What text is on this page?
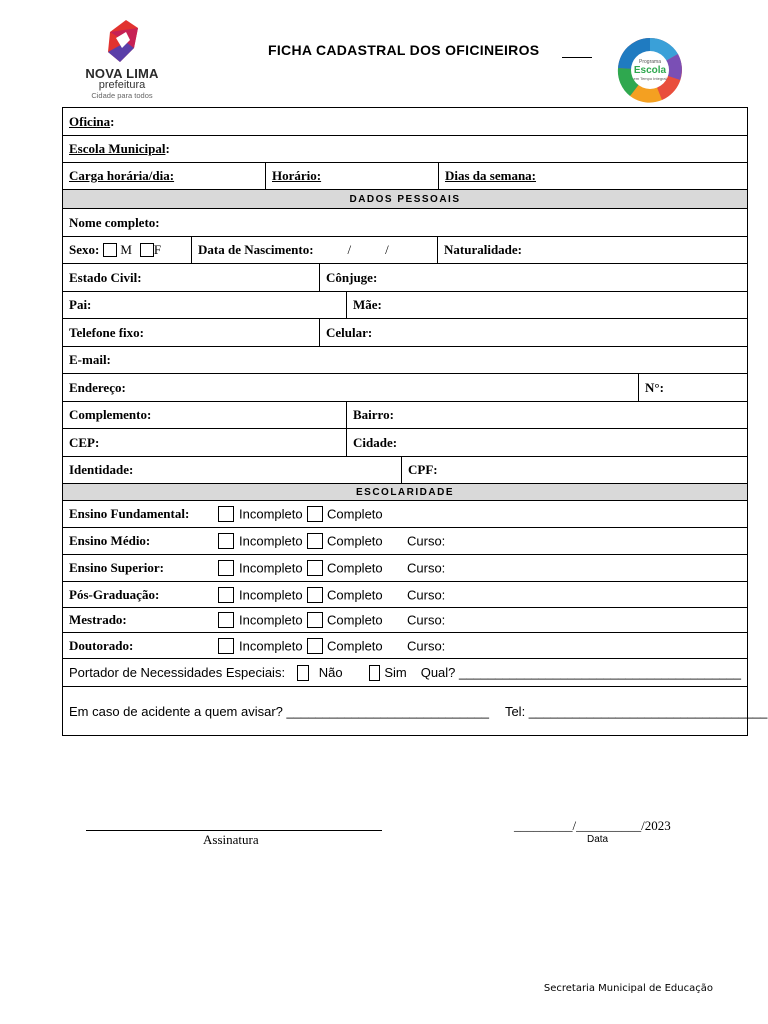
NOVA LIMA
prefeitura
Cidade para todos
FICHA CADASTRAL DOS OFICINEIROS
Programa
Escola
em Tempo Integral
Oficina :
Escola Municipal :
Carga horária/dia:	Horário:	Dias da semana:
DADOS PESSOAIS
Nome completo:
Sexo: M F	Data de Nascimento:	/	/	Naturalidade:
Estado Civil:	Cônjuge:
Pai:	Mãe:
Telefone fixo:	Celular:
E-mail:
Endereço:	N°:
Complemento:	Bairro:
CEP:	Cidade:
Identidade:	CPF:
ESCOLARIDADE
Ensino Fundamental:	Incompleto Completo
Ensino Médio:	Incompleto Completo Curso:
Ensino Superior:	Incompleto Completo Curso:
Pós-Graduação:	Incompleto Completo Curso:
Mestrado:	Incompleto Completo Curso:
Doutorado:	Incompleto Completo Curso:
Portador de Necessidades Especiais:	Não	Sim Qual? _______________________________________
Em caso de acidente a quem avisar? ____________________________ Tel: _________________________________
Assinatura
_________/__________/2023
Data
Secretaria Municipal de Educação
